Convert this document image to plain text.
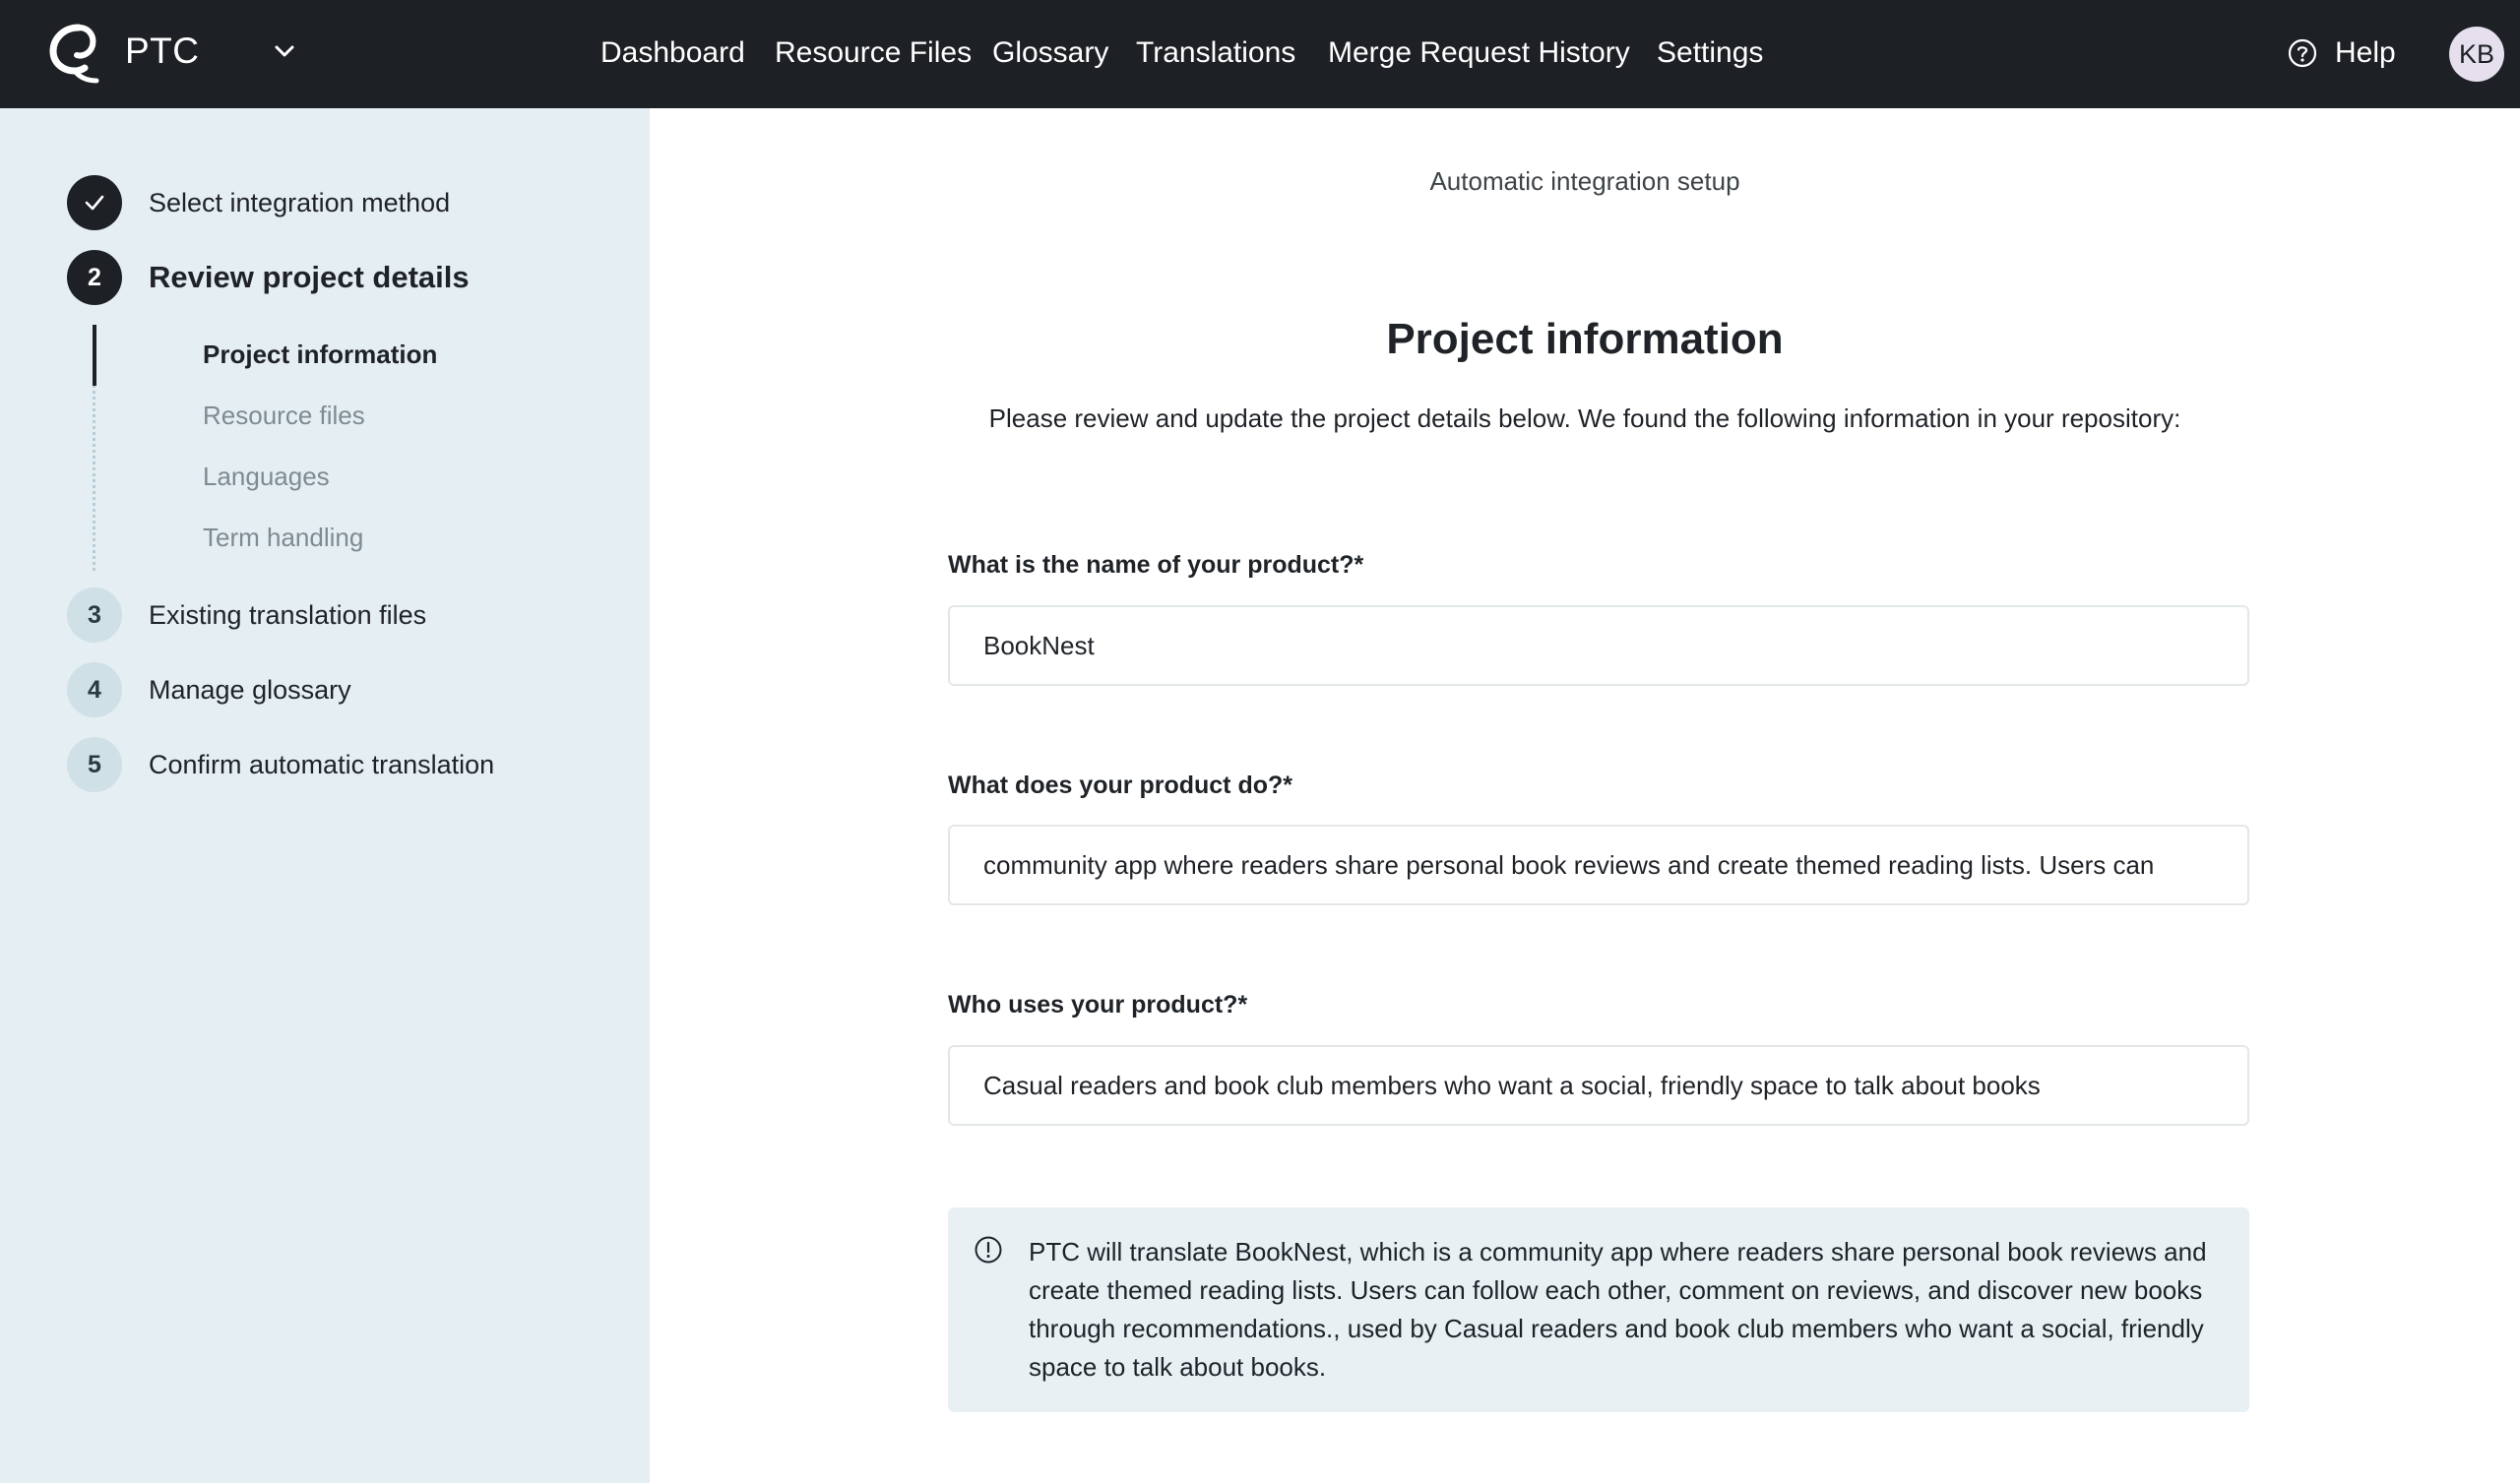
PTC	Dashboard Resource Files Glossary Translations Merge Request History Settings	Help	KB
Select integration method
2	Review project details
Project information
Resource files
Languages
Term handling
3	Existing translation files
4	Manage glossary
5	Confirm automatic translation
Automatic integration setup
Project information
Please review and update the project details below. We found the following information in your repository:
What is the name of your product?*
BookNest
What does your product do?*
community app where readers share personal book reviews and create themed reading lists. Users can
Who uses your product?*
Casual readers and book club members who want a social, friendly space to talk about books
PTC will translate BookNest, which is a community app where readers share personal book reviews and create themed reading lists. Users can follow each other, comment on reviews, and discover new books through recommendations., used by Casual readers and book club members who want a social, friendly space to talk about books.
